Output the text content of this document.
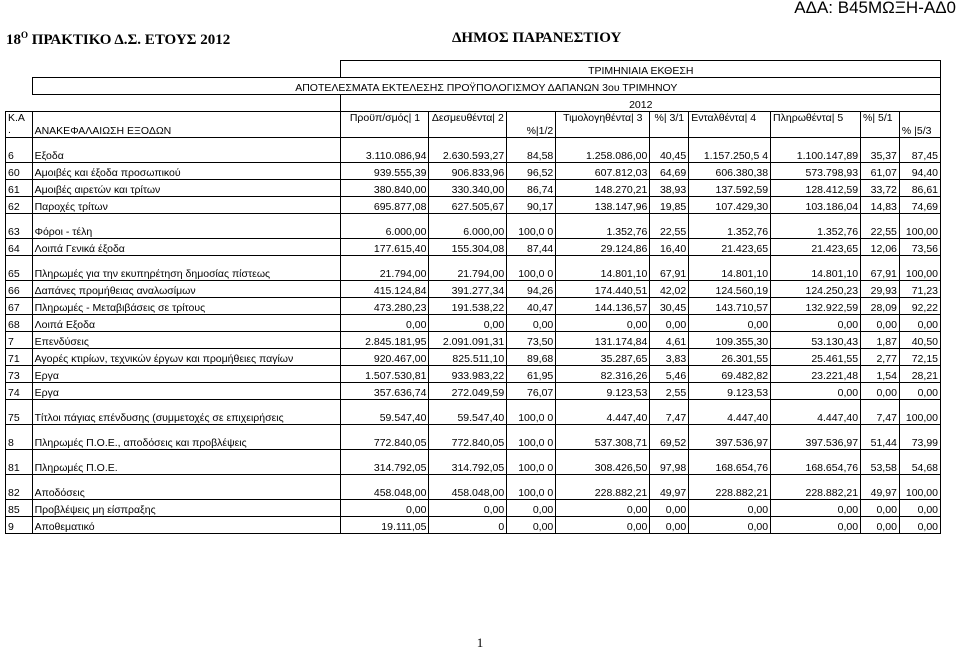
ΑΔΑ: Β45ΜΩΞΗ-ΑΔ0
$18^O$ ΠΡΑΚΤΙΚΟ Δ.Σ. ΕΤΟΥΣ 2012	ΔΗΜΟΣ ΠΑΡΑΝΕΣΤΙΟΥ
		ΤΡΙΜΗΝΙΑΙΑ ΕΚΘΕΣΗ								
	ΑΠΟΤΕΛΕΣΜΑΤΑ ΕΚΤΕΛΕΣΗΣ ΠΡΟΫΠΟΛΟΓΙΣΜΟΥ ΔΑΠΑΝΩΝ 3ου ΤΡΙΜΗΝΟΥ									
		2012								
Κ.Α .	ΑΝΑΚΕΦΑΛΑΙΩΣΗ ΕΞΟΔΩΝ	Προϋπ/σμός| 1	Δεσμευθέντα| 2	%|1/2	Τιμολογηθέντα| 3	%| 3/1	Ενταλθέντα| 4	Πληρωθέντα| 5	%| 5/1	% |5/3
6	Εξοδα	3.110.086,94	2.630.593,27	84,58	1.258.086,00	40,45	1.157.250,5 4	1.100.147,89	35,37	87,45
60	Αμοιβές και έξοδα προσωπικού	939.555,39	906.833,96	96,52	607.812,03	64,69	606.380,38	573.798,93	61,07	94,40
61	Αμοιβές αιρετών και τρίτων	380.840,00	330.340,00	86,74	148.270,21	38,93	137.592,59	128.412,59	33,72	86,61
62	Παροχές τρίτων	695.877,08	627.505,67	90,17	138.147,96	19,85	107.429,30	103.186,04	14,83	74,69
63	Φόροι - τέλη	6.000,00	6.000,00	100,0 0	1.352,76	22,55	1.352,76	1.352,76	22,55	100,00
64	Λοιπά Γενικά έξοδα	177.615,40	155.304,08	87,44	29.124,86	16,40	21.423,65	21.423,65	12,06	73,56
65	Πληρωμές για την εκυπηρέτηση δημοσίας πίστεως	21.794,00	21.794,00	100,0 0	14.801,10	67,91	14.801,10	14.801,10	67,91	100,00
66	Δαπάνες προμήθειας αναλωσίμων	415.124,84	391.277,34	94,26	174.440,51	42,02	124.560,19	124.250,23	29,93	71,23
67	Πληρωμές - Μεταβιβάσεις σε τρίτους	473.280,23	191.538,22	40,47	144.136,57	30,45	143.710,57	132.922,59	28,09	92,22
68	Λοιπά Εξοδα	0,00	0,00	0,00	0,00	0,00	0,00	0,00	0,00	0,00
7	Επενδύσεις	2.845.181,95	2.091.091,31	73,50	131.174,84	4,61	109.355,30	53.130,43	1,87	40,50
71	Αγορές κτιρίων, τεχνικών έργων και προμήθειες παγίων	920.467,00	825.511,10	89,68	35.287,65	3,83	26.301,55	25.461,55	2,77	72,15
73	Εργα	1.507.530,81	933.983,22	61,95	82.316,26	5,46	69.482,82	23.221,48	1,54	28,21
74	Εργα	357.636,74	272.049,59	76,07	9.123,53	2,55	9.123,53	0,00	0,00	0,00
75	Τίτλοι πάγιας επένδυσης (συμμετοχές σε επιχειρήσεις	59.547,40	59.547,40	100,0 0	4.447,40	7,47	4.447,40	4.447,40	7,47	100,00
8	Πληρωμές Π.Ο.Ε., αποδόσεις και προβλέψεις	772.840,05	772.840,05	100,0 0	537.308,71	69,52	397.536,97	397.536,97	51,44	73,99
81	Πληρωμές Π.Ο.Ε.	314.792,05	314.792,05	100,0 0	308.426,50	97,98	168.654,76	168.654,76	53,58	54,68
82	Αποδόσεις	458.048,00	458.048,00	100,0 0	228.882,21	49,97	228.882,21	228.882,21	49,97	100,00
85	Προβλέψεις μη είσπραξης	0,00	0,00	0,00	0,00	0,00	0,00	0,00	0,00	0,00
9	Αποθεματικό	19.111,05	0	0,00	0,00	0,00	0,00	0,00	0,00	0,00
1
